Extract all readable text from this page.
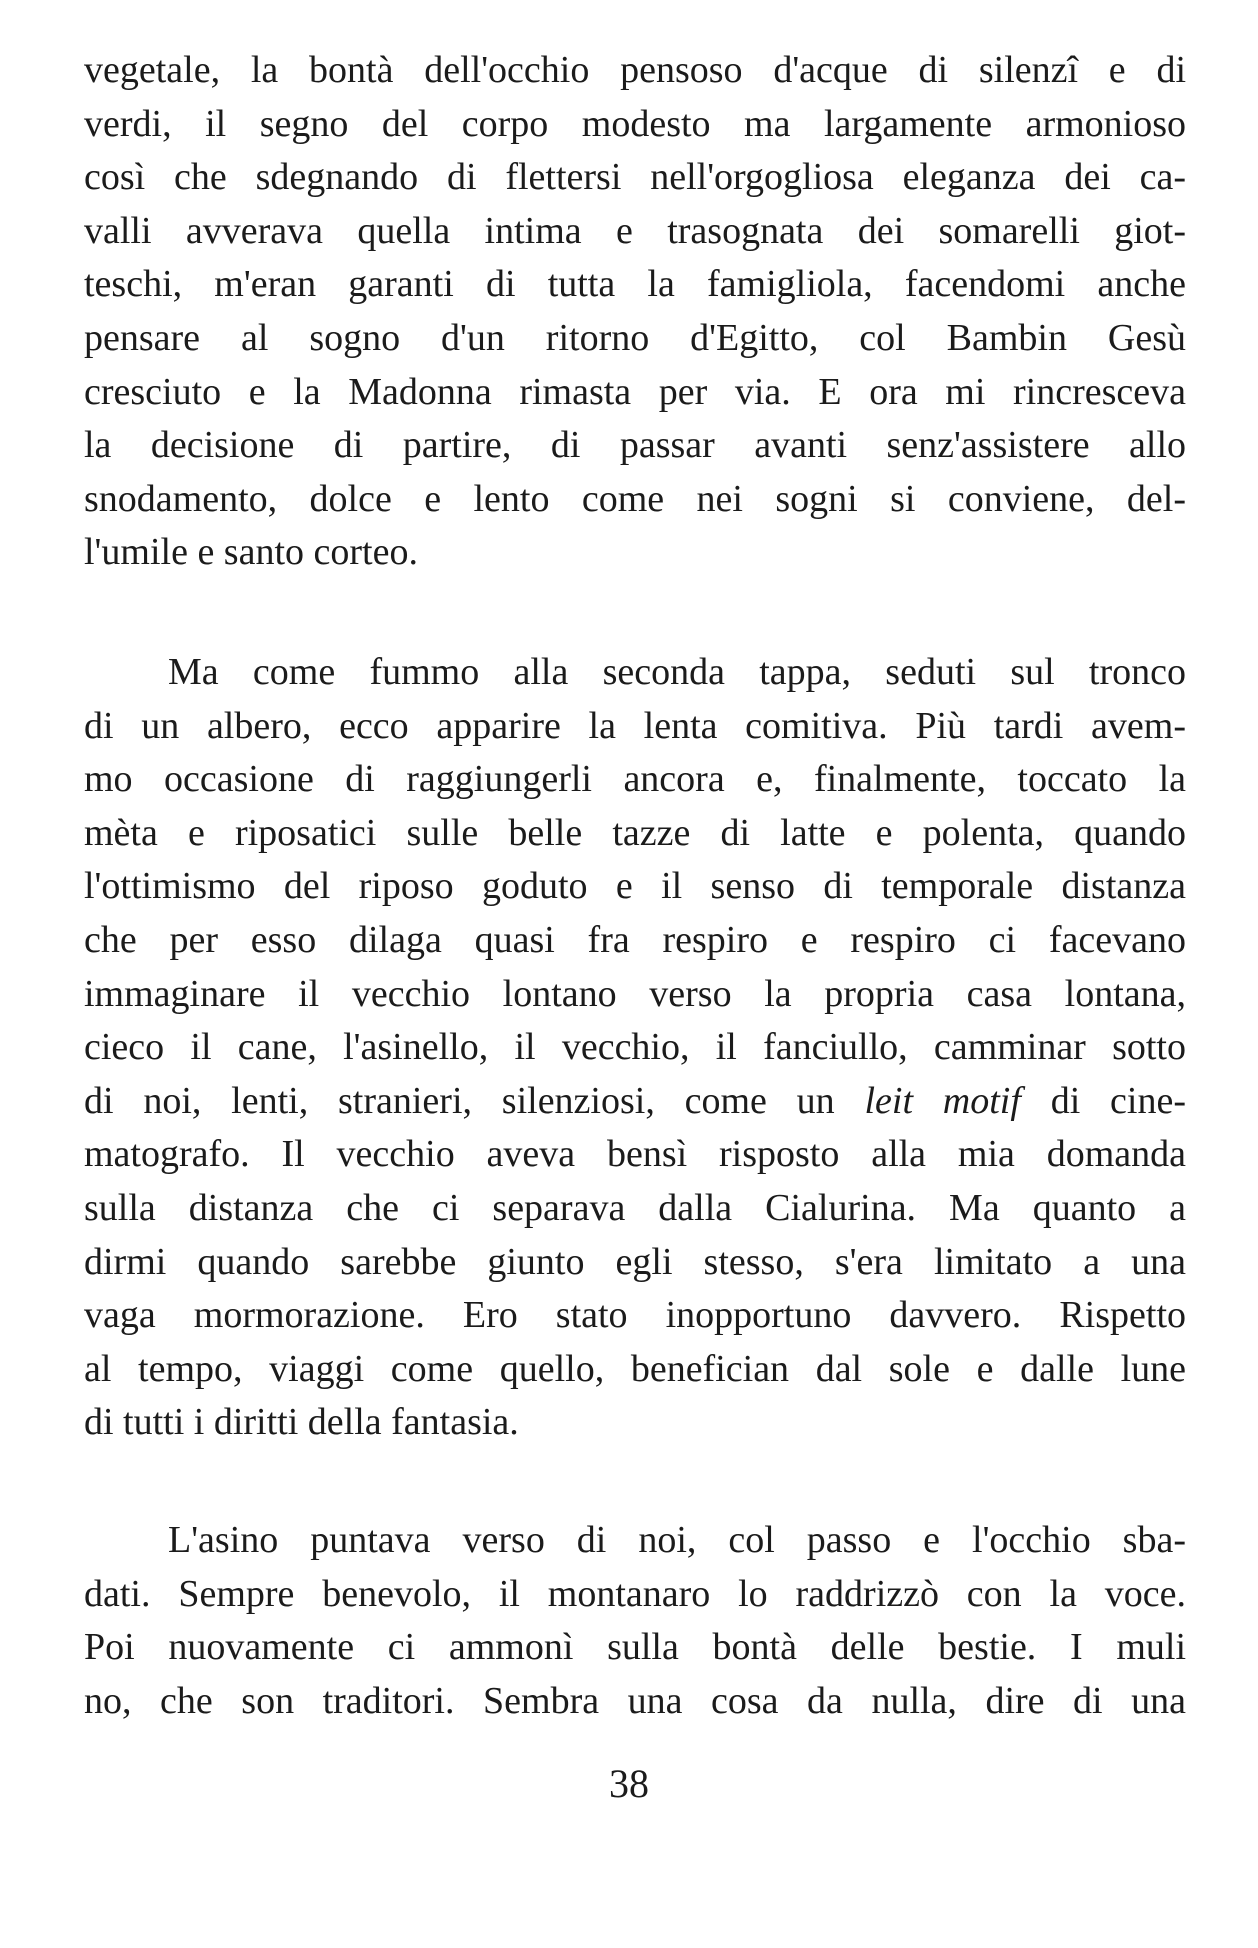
vegetale, la bontà dell'occhio pensoso d'acque di silenzî e di
verdi, il segno del corpo modesto ma largamente armonioso
così che sdegnando di flettersi nell'orgogliosa eleganza dei ca-
valli avverava quella intima e trasognata dei somarelli giot-
teschi, m'eran garanti di tutta la famigliola, facendomi anche
pensare al sogno d'un ritorno d'Egitto, col Bambin Gesù
cresciuto e la Madonna rimasta per via. E ora mi rincresceva
la decisione di partire, di passar avanti senz'assistere allo
snodamento, dolce e lento come nei sogni si conviene, del-
l'umile e santo corteo.
Ma come fummo alla seconda tappa, seduti sul tronco
di un albero, ecco apparire la lenta comitiva. Più tardi avem-
mo occasione di raggiungerli ancora e, finalmente, toccato la
mèta e riposatici sulle belle tazze di latte e polenta, quando
l'ottimismo del riposo goduto e il senso di temporale distanza
che per esso dilaga quasi fra respiro e respiro ci facevano
immaginare il vecchio lontano verso la propria casa lontana,
cieco il cane, l'asinello, il vecchio, il fanciullo, camminar sotto
di noi, lenti, stranieri, silenziosi, come un leit motif di cine-
matografo. Il vecchio aveva bensì risposto alla mia domanda
sulla distanza che ci separava dalla Cialurina. Ma quanto a
dirmi quando sarebbe giunto egli stesso, s'era limitato a una
vaga mormorazione. Ero stato inopportuno davvero. Rispetto
al tempo, viaggi come quello, benefician dal sole e dalle lune
di tutti i diritti della fantasia.
L'asino puntava verso di noi, col passo e l'occhio sba-
dati. Sempre benevolo, il montanaro lo raddrizzò con la voce.
Poi nuovamente ci ammonì sulla bontà delle bestie. I muli
no, che son traditori. Sembra una cosa da nulla, dire di una
38
